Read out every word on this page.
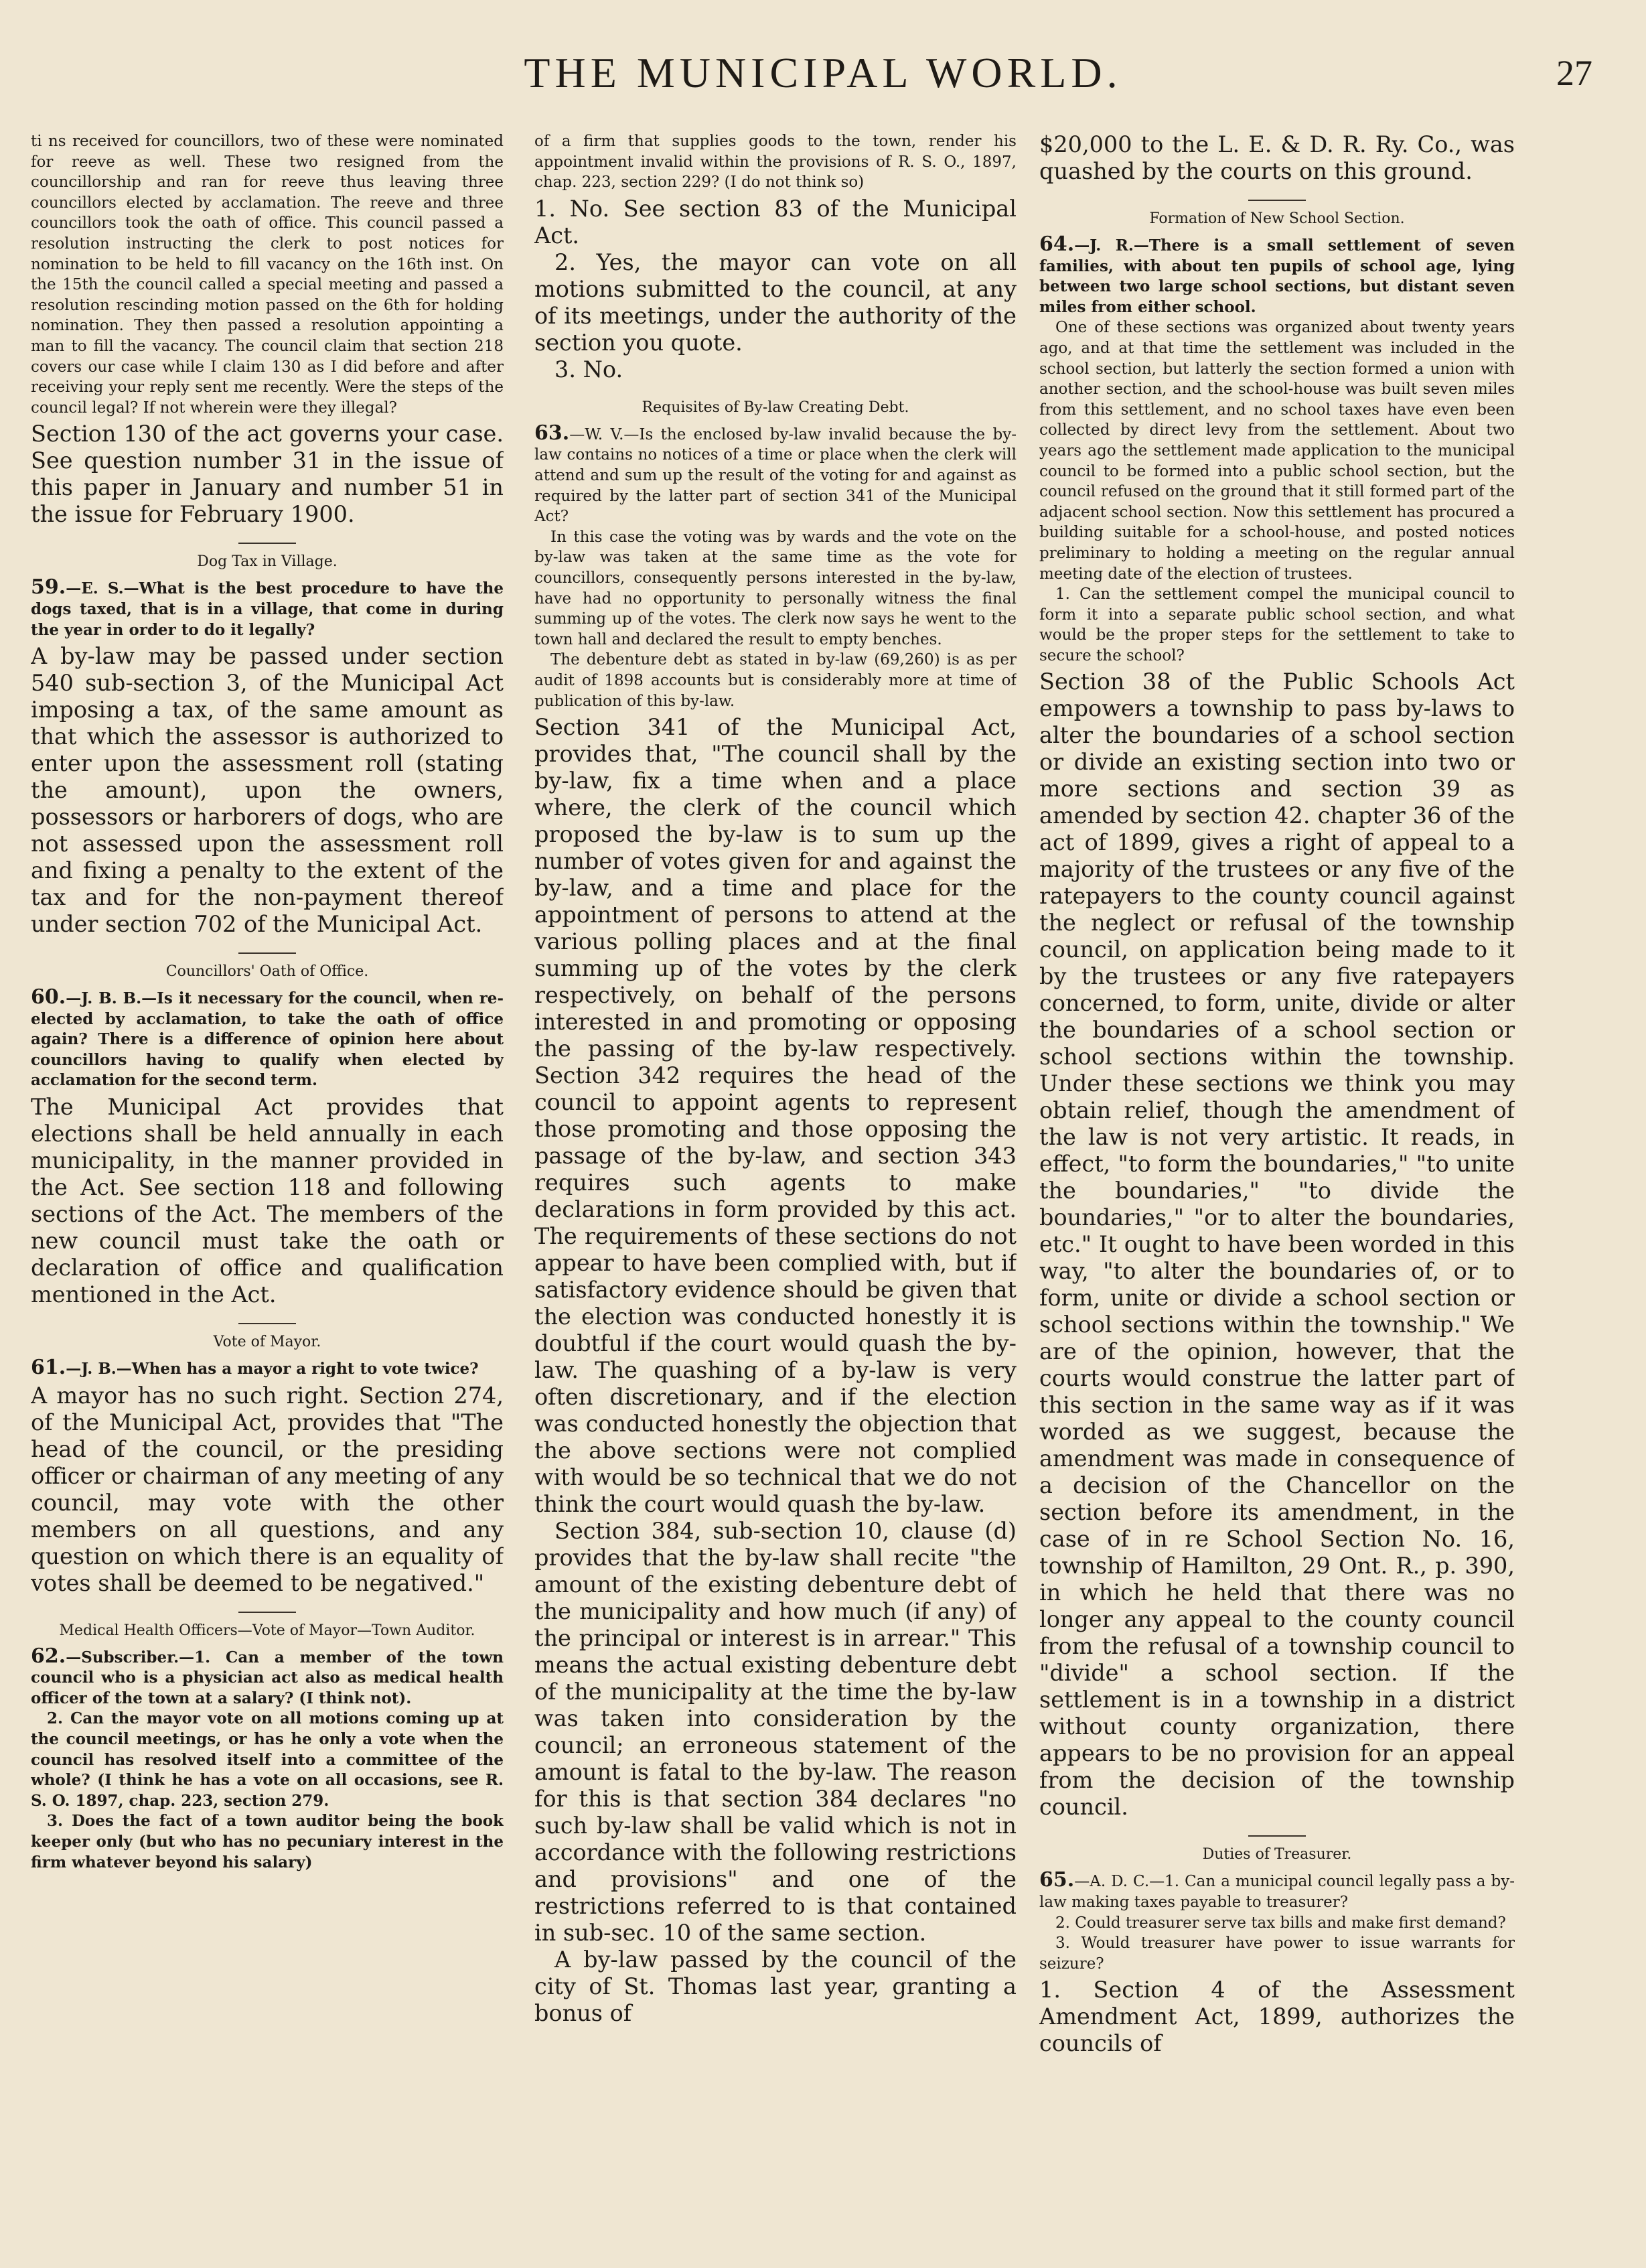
THE MUNICIPAL WORLD.	27

ti ns received for councillors, two of these were nominated for reeve as well. These two resigned from the councillorship and ran for reeve thus leaving three councillors elected by acclamation. The reeve and three councillors took the oath of office. This council passed a resolution instructing the clerk to post notices for nomination to be held to fill vacancy on the 16th inst. On the 15th the council called a special meeting and passed a resolution rescinding motion passed on the 6th for holding nomination. They then passed a resolution appointing a man to fill the vacancy. The council claim that section 218 covers our case while I claim 130 as I did before and after receiving your reply sent me recently. Were the steps of the council legal? If not wherein were they illegal?

Section 130 of the act governs your case. See question number 31 in the issue of this paper in January and number 51 in the issue for February 1900.

Dog Tax in Village.

59.—E. S.—What is the best procedure to have the dogs taxed, that is in a village, that come in during the year in order to do it legally?

A by-law may be passed under section 540 sub-section 3, of the Municipal Act imposing a tax, of the same amount as that which the assessor is authorized to enter upon the assessment roll (stating the amount), upon the owners, possessors or harborers of dogs, who are not assessed upon the assessment roll and fixing a penalty to the extent of the tax and for the non-payment thereof under section 702 of the Municipal Act.

Councillors' Oath of Office.

60.—J. B. B.—Is it necessary for the council, when re-elected by acclamation, to take the oath of office again? There is a difference of opinion here about councillors having to qualify when elected by acclamation for the second term.

The Municipal Act provides that elections shall be held annually in each municipality, in the manner provided in the Act. See section 118 and following sections of the Act. The members of the new council must take the oath or declaration of office and qualification mentioned in the Act.

Vote of Mayor.

61.—J. B.—When has a mayor a right to vote twice?

A mayor has no such right. Section 274, of the Municipal Act, provides that "The head of the council, or the presiding officer or chairman of any meeting of any council, may vote with the other members on all questions, and any question on which there is an equality of votes shall be deemed to be negatived."

Medical Health Officers—Vote of Mayor—Town Auditor.

62.—Subscriber.—1. Can a member of the town council who is a physician act also as medical health officer of the town at a salary? (I think not).

2. Can the mayor vote on all motions coming up at the council meetings, or has he only a vote when the council has resolved itself into a committee of the whole? (I think he has a vote on all occasions, see R. S. O. 1897, chap. 223, section 279.

3. Does the fact of a town auditor being the book keeper only (but who has no pecuniary interest in the firm whatever beyond his salary)

of a firm that supplies goods to the town, render his appointment invalid within the provisions of R. S. O., 1897, chap. 223, section 229? (I do not think so)

1. No. See section 83 of the Municipal Act.

2. Yes, the mayor can vote on all motions submitted to the council, at any of its meetings, under the authority of the section you quote.

3. No.

Requisites of By-law Creating Debt.

63.—W. V.—Is the enclosed by-law invalid because the by-law contains no notices of a time or place when the clerk will attend and sum up the result of the voting for and against as required by the latter part of section 341 of the Municipal Act?

In this case the voting was by wards and the vote on the by-law was taken at the same time as the vote for councillors, consequently persons interested in the by-law, have had no opportunity to personally witness the final summing up of the votes. The clerk now says he went to the town hall and declared the result to empty benches.

The debenture debt as stated in by-law (69,260) is as per audit of 1898 accounts but is considerably more at time of publication of this by-law.

Section 341 of the Municipal Act, provides that, "The council shall by the by-law, fix a time when and a place where, the clerk of the council which proposed the by-law is to sum up the number of votes given for and against the by-law, and a time and place for the appointment of persons to attend at the various polling places and at the final summing up of the votes by the clerk respectively, on behalf of the persons interested in and promoting or opposing the passing of the by-law respectively. Section 342 requires the head of the council to appoint agents to represent those promoting and those opposing the passage of the by-law, and section 343 requires such agents to make declarations in form provided by this act. The requirements of these sections do not appear to have been complied with, but if satisfactory evidence should be given that the election was conducted honestly it is doubtful if the court would quash the by-law. The quashing of a by-law is very often discretionary, and if the election was conducted honestly the objection that the above sections were not complied with would be so technical that we do not think the court would quash the by-law.

Section 384, sub-section 10, clause (d) provides that the by-law shall recite "the amount of the existing debenture debt of the municipality and how much (if any) of the principal or interest is in arrear." This means the actual existing debenture debt of the municipality at the time the by-law was taken into consideration by the council; an erroneous statement of the amount is fatal to the by-law. The reason for this is that section 384 declares "no such by-law shall be valid which is not in accordance with the following restrictions and provisions" and one of the restrictions referred to is that contained in sub-sec. 10 of the same section.

A by-law passed by the council of the city of St. Thomas last year, granting a bonus of

$20,000 to the L. E. & D. R. Ry. Co., was quashed by the courts on this ground.

Formation of New School Section.

64.—J. R.—There is a small settlement of seven families, with about ten pupils of school age, lying between two large school sections, but distant seven miles from either school.

One of these sections was organized about twenty years ago, and at that time the settlement was included in the school section, but latterly the section formed a union with another section, and the school-house was built seven miles from this settlement, and no school taxes have even been collected by direct levy from the settlement. About two years ago the settlement made application to the municipal council to be formed into a public school section, but the council refused on the ground that it still formed part of the adjacent school section. Now this settlement has procured a building suitable for a school-house, and posted notices preliminary to holding a meeting on the regular annual meeting date of the election of trustees.

1. Can the settlement compel the municipal council to form it into a separate public school section, and what would be the proper steps for the settlement to take to secure the school?

Section 38 of the Public Schools Act empowers a township to pass by-laws to alter the boundaries of a school section or divide an existing section into two or more sections and section 39 as amended by section 42. chapter 36 of the act of 1899, gives a right of appeal to a majority of the trustees or any five of the ratepayers to the county council against the neglect or refusal of the township council, on application being made to it by the trustees or any five ratepayers concerned, to form, unite, divide or alter the boundaries of a school section or school sections within the township. Under these sections we think you may obtain relief, though the amendment of the law is not very artistic. It reads, in effect, "to form the boundaries," "to unite the boundaries," "to divide the boundaries," "or to alter the boundaries, etc." It ought to have been worded in this way, "to alter the boundaries of, or to form, unite or divide a school section or school sections within the township." We are of the opinion, however, that the courts would construe the latter part of this section in the same way as if it was worded as we suggest, because the amendment was made in consequence of a decision of the Chancellor on the section before its amendment, in the case of in re School Section No. 16, township of Hamilton, 29 Ont. R., p. 390, in which he held that there was no longer any appeal to the county council from the refusal of a township council to "divide" a school section. If the settlement is in a township in a district without county organization, there appears to be no provision for an appeal from the decision of the township council.

Duties of Treasurer.

65.—A. D. C.—1. Can a municipal council legally pass a by-law making taxes payable to treasurer?

2. Could treasurer serve tax bills and make first demand?

3. Would treasurer have power to issue warrants for seizure?

1. Section 4 of the Assessment Amendment Act, 1899, authorizes the councils of
